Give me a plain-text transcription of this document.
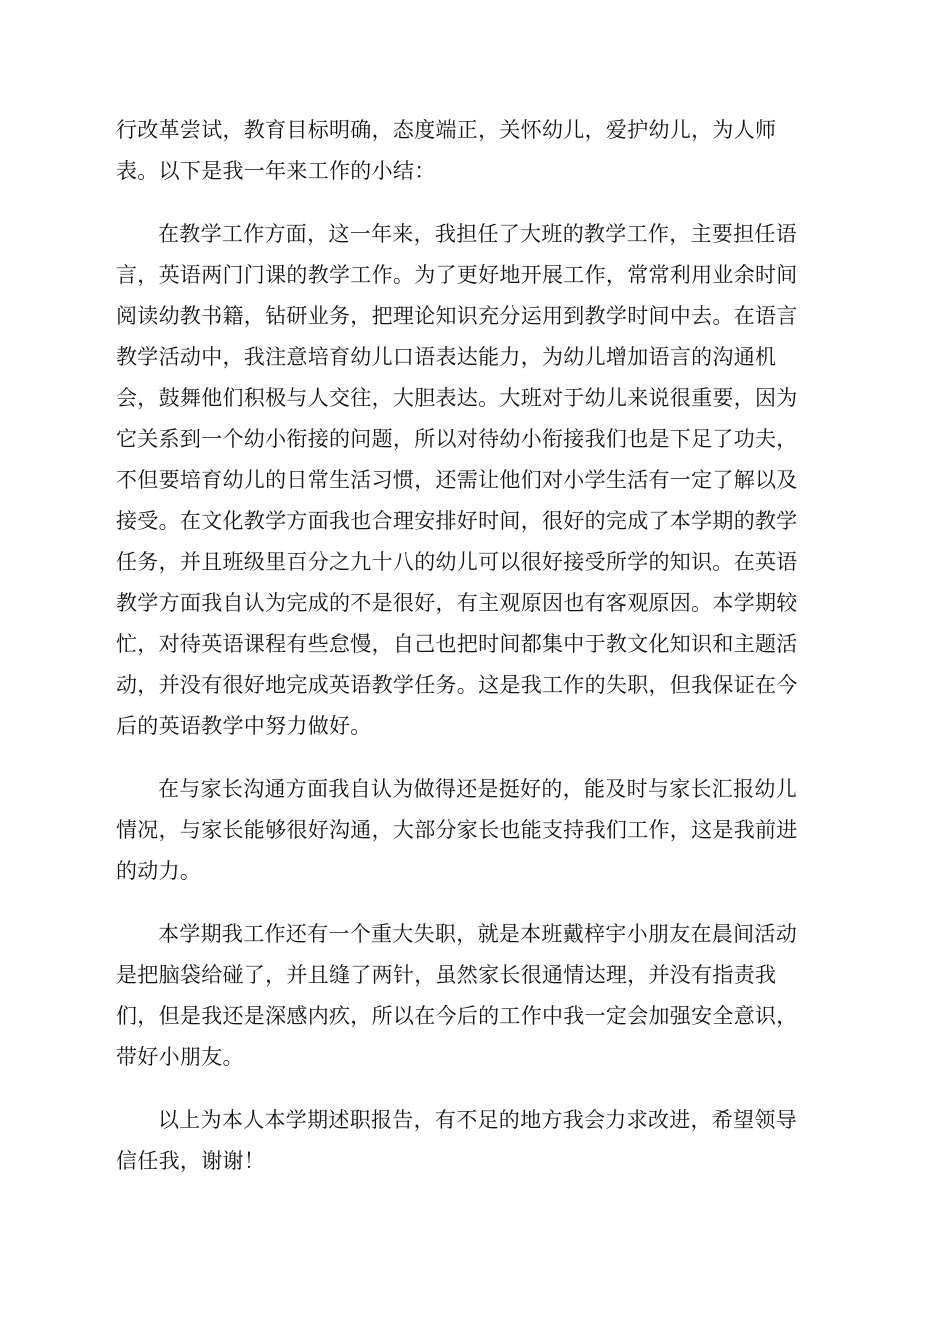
行改革尝试，教育目标明确，态度端正，关怀幼儿，爱护幼儿，为人师
表。以下是我一年来工作的小结：

在教学工作方面，这一年来，我担任了大班的教学工作，主要担任语
言，英语两门门课的教学工作。为了更好地开展工作，常常利用业余时间
阅读幼教书籍，钻研业务，把理论知识充分运用到教学时间中去。在语言
教学活动中，我注意培育幼儿口语表达能力，为幼儿增加语言的沟通机
会，鼓舞他们积极与人交往，大胆表达。大班对于幼儿来说很重要，因为
它关系到一个幼小衔接的问题，所以对待幼小衔接我们也是下足了功夫，
不但要培育幼儿的日常生活习惯，还需让他们对小学生活有一定了解以及
接受。在文化教学方面我也合理安排好时间，很好的完成了本学期的教学
任务，并且班级里百分之九十八的幼儿可以很好接受所学的知识。在英语
教学方面我自认为完成的不是很好，有主观原因也有客观原因。本学期较
忙，对待英语课程有些怠慢，自己也把时间都集中于教文化知识和主题活
动，并没有很好地完成英语教学任务。这是我工作的失职，但我保证在今
后的英语教学中努力做好。

在与家长沟通方面我自认为做得还是挺好的，能及时与家长汇报幼儿
情况，与家长能够很好沟通，大部分家长也能支持我们工作，这是我前进
的动力。

本学期我工作还有一个重大失职，就是本班戴梓宇小朋友在晨间活动
是把脑袋给碰了，并且缝了两针，虽然家长很通情达理，并没有指责我
们，但是我还是深感内疚，所以在今后的工作中我一定会加强安全意识，
带好小朋友。

以上为本人本学期述职报告，有不足的地方我会力求改进，希望领导
信任我，谢谢！
